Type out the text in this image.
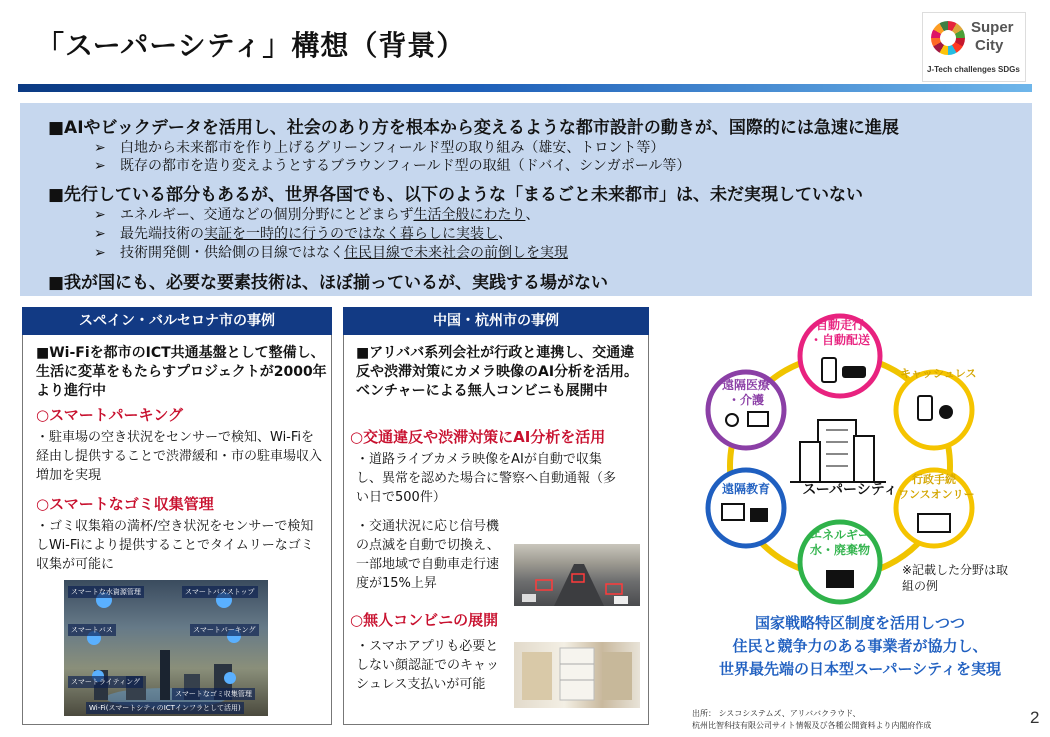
「スーパーシティ」構想（背景）
Super
City
J-Tech challenges SDGs
■AIやビックデータを活用し、社会のあり方を根本から変えるような都市設計の動きが、国際的には急速に進展
➢ 白地から未来都市を作り上げるグリーンフィールド型の取り組み（雄安、トロント等）
➢ 既存の都市を造り変えようとするブラウンフィールド型の取組（ドバイ、シンガポール等）
■先行している部分もあるが、世界各国でも、以下のような「まるごと未来都市」は、未だ実現していない
➢ エネルギー、交通などの個別分野にとどまらず生活全般にわたり、
➢ 最先端技術の実証を一時的に行うのではなく暮らしに実装し、
➢ 技術開発側・供給側の目線ではなく住民目線で未来社会の前倒しを実現
■我が国にも、必要な要素技術は、ほぼ揃っているが、実践する場がない
スペイン・バルセロナ市の事例
■Wi-Fiを都市のICT共通基盤として整備し、生活に変革をもたらすプロジェクトが2000年より進行中
○スマートパーキング
・駐車場の空き状況をセンサーで検知、Wi-Fiを経由し提供することで渋滞緩和・市の駐車場収入増加を実現
○スマートなゴミ収集管理
・ゴミ収集箱の満杯/空き状況をセンサーで検知しWi-Fiにより提供することでタイムリーなゴミ収集が可能に
スマートな水資源管理	スマートバスストップ
スマートバス	スマートパーキング
スマートライティング
スマートなゴミ収集管理
Wi-Fi(スマートシティのICTインフラとして活用)
中国・杭州市の事例
■アリババ系列会社が行政と連携し、交通違反や渋滞対策にカメラ映像のAI分析を活用。ベンチャーによる無人コンビニも展開中
○交通違反や渋滞対策にAI分析を活用
・道路ライブカメラ映像をAIが自動で収集し、異常を認めた場合に警察へ自動通報（多い日で500件）
・交通状況に応じ信号機の点滅を自動で切換え、一部地域で自動車走行速度が15%上昇
○無人コンビニの展開
・スマホアプリも必要としない顔認証でのキャッシュレス支払いが可能
自動走行
・自動配送
キャッシュレス
行政手続
ワンスオンリー
エネルギー
水・廃棄物
遠隔教育
遠隔医療
・介護
スーパーシティ
※記載した分野は取組の例
国家戦略特区制度を活用しつつ
住民と競争力のある事業者が協力し、
世界最先端の日本型スーパーシティを実現
出所： シスコシステムズ、アリババクラウド、
杭州比智科技有限公司サイト情報及び各種公開資料より内閣府作成	2
